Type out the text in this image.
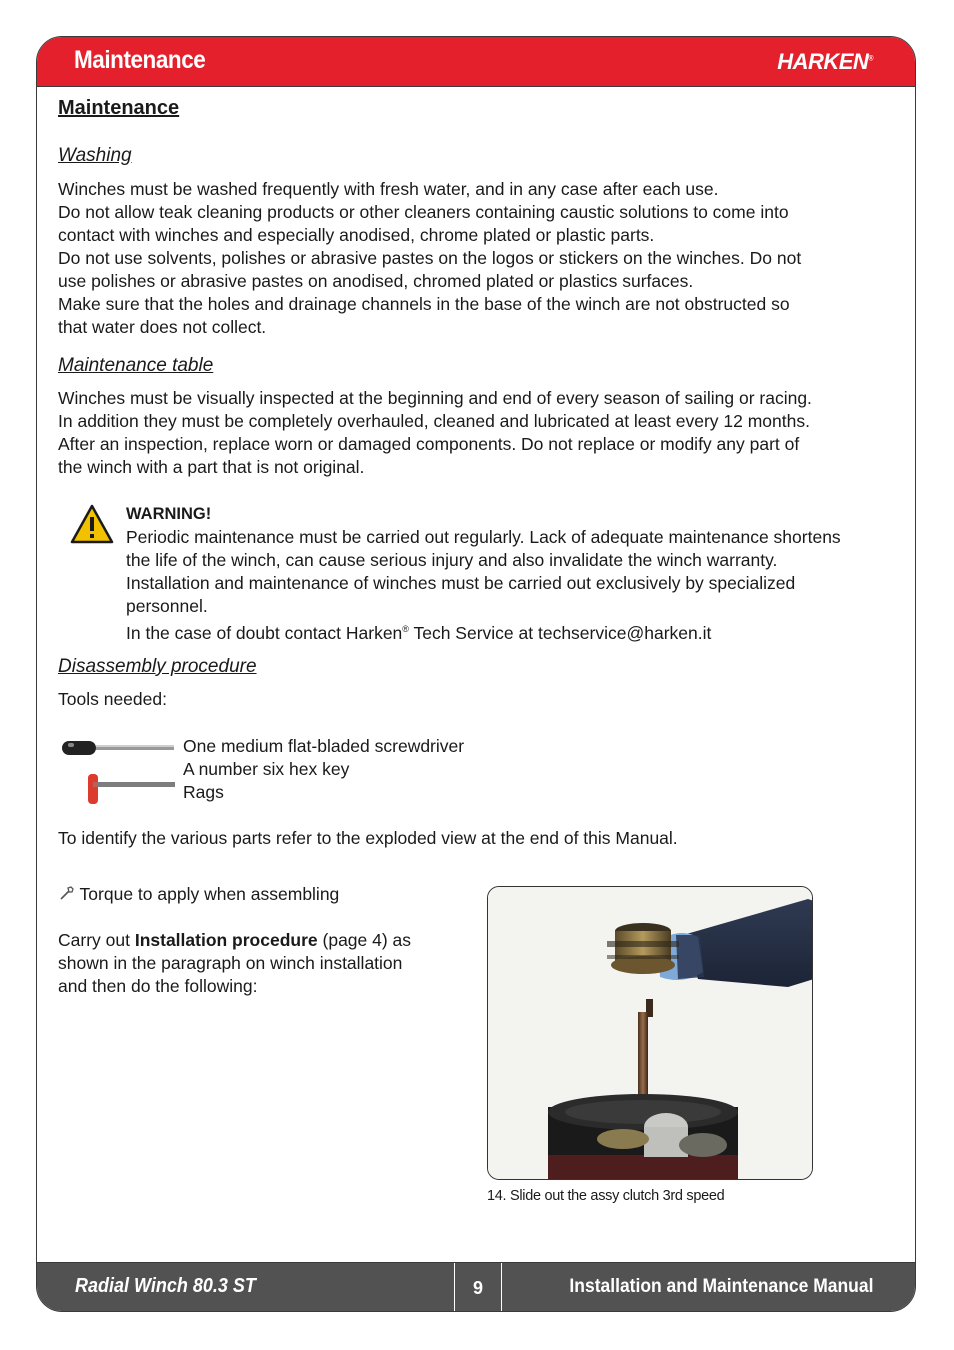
Maintenance	HARKEN®
Radial Winch 80.3 ST	9	Installation and Maintenance Manual
Maintenance
Washing
Winches must be washed frequently with fresh water, and in any case after each use.
Do not allow teak cleaning products or other cleaners containing caustic solutions to come into
contact with winches and especially anodised, chrome plated or plastic parts.
Do not use solvents, polishes or abrasive pastes on the logos or stickers on the winches. Do not
use polishes or abrasive pastes on anodised, chromed plated or plastics surfaces.
Make sure that the holes and drainage channels in the base of the winch are not obstructed so
that water does not collect.
Maintenance table
Winches must be visually inspected at the beginning and end of every season of sailing or racing.
In addition they must be completely overhauled, cleaned and lubricated at least every 12 months.
After an inspection, replace worn or damaged components. Do not replace or modify any part of
the winch with a part that is not original.
WARNING!
Periodic maintenance must be carried out regularly. Lack of adequate maintenance shortens
the life of the winch, can cause serious injury and also invalidate the winch warranty.
Installation and maintenance of winches must be carried out exclusively by specialized
personnel.
In the case of doubt contact Harken® Tech Service at techservice@harken.it
Disassembly procedure
Tools needed:
One medium flat-bladed screwdriver
A number six hex key
Rags
To identify the various parts refer to the exploded view at the end of this Manual.
Torque to apply when assembling
Carry out Installation procedure (page 4) as
shown in the paragraph on winch installation
and then do the following:
14. Slide out the assy clutch 3rd speed
